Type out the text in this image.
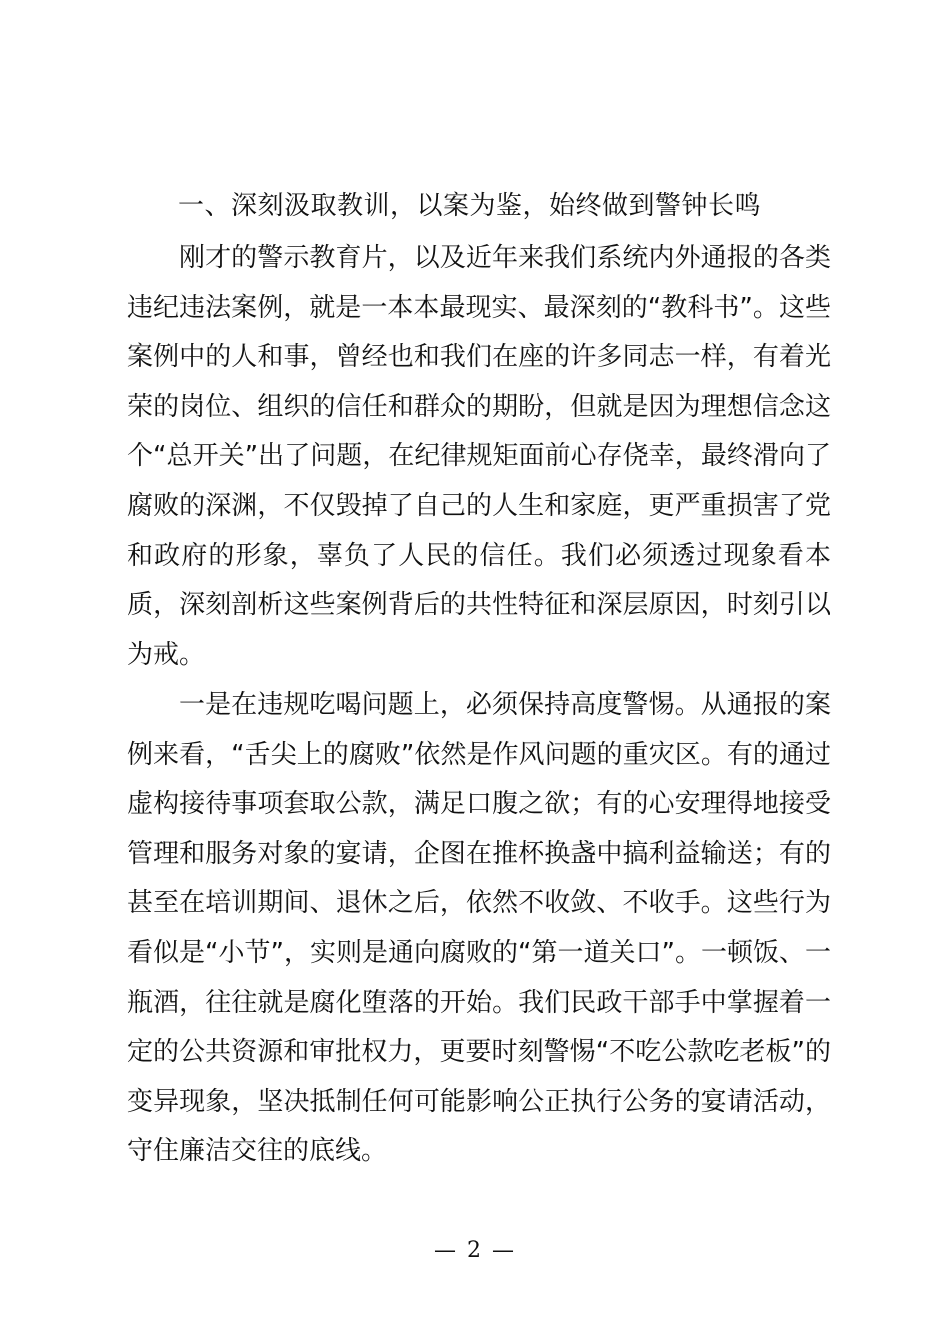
一、深刻汲取教训，以案为鉴，始终做到警钟长鸣

刚才的警示教育片，以及近年来我们系统内外通报的各类违纪违法案例，就是一本本最现实、最深刻的“教科书”。这些案例中的人和事，曾经也和我们在座的许多同志一样，有着光荣的岗位、组织的信任和群众的期盼，但就是因为理想信念这个“总开关”出了问题，在纪律规矩面前心存侥幸，最终滑向了腐败的深渊，不仅毁掉了自己的人生和家庭，更严重损害了党和政府的形象，辜负了人民的信任。我们必须透过现象看本质，深刻剖析这些案例背后的共性特征和深层原因，时刻引以为戒。

一是在违规吃喝问题上，必须保持高度警惕。从通报的案例来看，“舌尖上的腐败”依然是作风问题的重灾区。有的通过虚构接待事项套取公款，满足口腹之欲；有的心安理得地接受管理和服务对象的宴请，企图在推杯换盏中搞利益输送；有的甚至在培训期间、退休之后，依然不收敛、不收手。这些行为看似是“小节”，实则是通向腐败的“第一道关口”。一顿饭、一瓶酒，往往就是腐化堕落的开始。我们民政干部手中掌握着一定的公共资源和审批权力，更要时刻警惕“不吃公款吃老板”的变异现象，坚决抵制任何可能影响公正执行公务的宴请活动，守住廉洁交往的底线。

— 2 —
